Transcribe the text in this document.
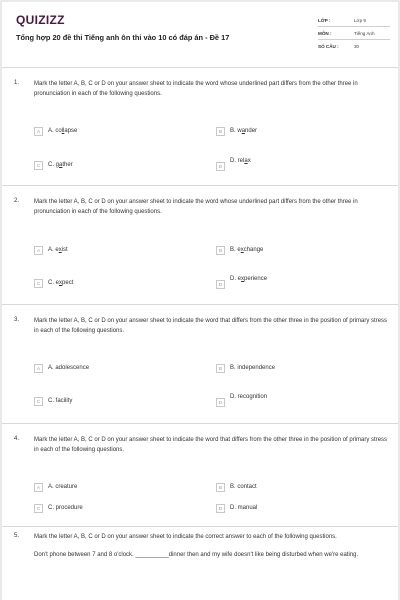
QUIZIZZ
Tổng hợp 20 đề thi Tiếng anh ôn thi vào 10 có đáp án - Đề 17
LỚP :	Lớp 9
MÔN :	Tiếng Anh
SỐ CÂU :	30
1. Mark the letter A, B, C or D on your answer sheet to indicate the word whose underlined part differs from the other three in pronunciation in each of the following questions.
A	A. collapse	B	B. wander
C	C. gather	D
D. relax
2. Mark the letter A, B, C or D on your answer sheet to indicate the word whose underlined part differs from the other three in pronunciation in each of the following questions.
A	A. exist	B	B. exchange
C	C. expect	D
D. experience
3. Mark the letter A, B, C or D on your answer sheet to indicate the word that differs from the other three in the position of primary stress in each of the following questions.
A	A. adolescence	B	B. independence
C	C. facility	D
D. recognition
4. Mark the letter A, B, C or D on your answer sheet to indicate the word that differs from the other three in the position of primary stress in each of the following questions.
A	A. creature	B	B. contact
C	C. procedure	D	D. manual
5. Mark the letter A, B, C or D on your answer sheet to indicate the correct answer to each of the following questions.
Don't phone between 7 and 8 o'clock. __________dinner then and my wife doesn't like being disturbed when we're eating.
